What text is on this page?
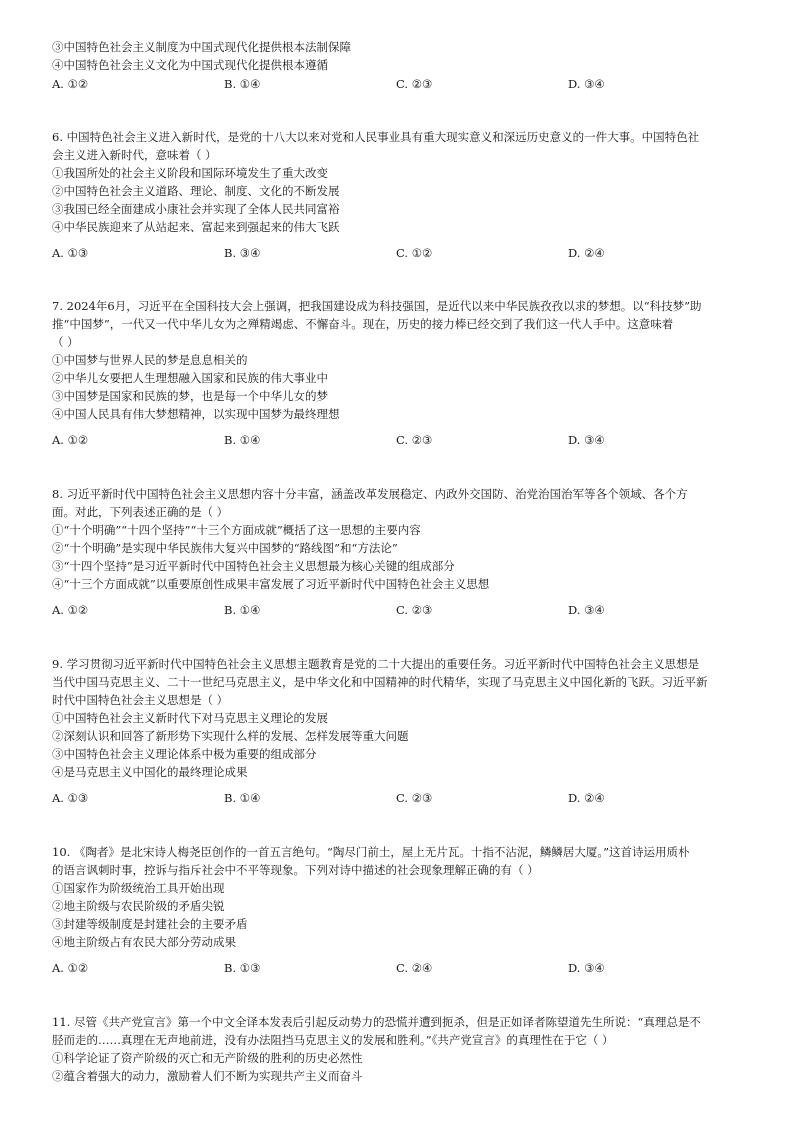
③中国特色社会主义制度为中国式现代化提供根本法制保障
④中国特色社会主义文化为中国式现代化提供根本遵循
A. ①②	B. ①④	C. ②③	D. ③④
6. 中国特色社会主义进入新时代，是党的十八大以来对党和人民事业具有重大现实意义和深远历史意义的一件大事。中国特色社
会主义进入新时代，意味着（ ）
①我国所处的社会主义阶段和国际环境发生了重大改变
②中国特色社会主义道路、理论、制度、文化的不断发展
③我国已经全面建成小康社会并实现了全体人民共同富裕
④中华民族迎来了从站起来、富起来到强起来的伟大飞跃
A. ①③	B. ③④	C. ①②	D. ②④
7. 2024年6月，习近平在全国科技大会上强调，把我国建设成为科技强国，是近代以来中华民族孜孜以求的梦想。以“科技梦”助
推“中国梦”，一代又一代中华儿女为之殚精竭虑、不懈奋斗。现在，历史的接力棒已经交到了我们这一代人手中。这意味着
（ ）
①中国梦与世界人民的梦是息息相关的
②中华儿女要把人生理想融入国家和民族的伟大事业中
③中国梦是国家和民族的梦，也是每一个中华儿女的梦
④中国人民具有伟大梦想精神，以实现中国梦为最终理想
A. ①②	B. ①④	C. ②③	D. ③④
8. 习近平新时代中国特色社会主义思想内容十分丰富，涵盖改革发展稳定、内政外交国防、治党治国治军等各个领域、各个方
面。对此，下列表述正确的是（ ）
①“十个明确”“十四个坚持”“十三个方面成就”概括了这一思想的主要内容
②“十个明确”是实现中华民族伟大复兴中国梦的“路线图”和“方法论”
③“十四个坚持”是习近平新时代中国特色社会主义思想最为核心关键的组成部分
④“十三个方面成就”以重要原创性成果丰富发展了习近平新时代中国特色社会主义思想
A. ①②	B. ①④	C. ②③	D. ③④
9. 学习贯彻习近平新时代中国特色社会主义思想主题教育是党的二十大提出的重要任务。习近平新时代中国特色社会主义思想是
当代中国马克思主义、二十一世纪马克思主义，是中华文化和中国精神的时代精华，实现了马克思主义中国化新的飞跃。习近平新
时代中国特色社会主义思想是（ ）
①中国特色社会主义新时代下对马克思主义理论的发展
②深刻认识和回答了新形势下实现什么样的发展、怎样发展等重大问题
③中国特色社会主义理论体系中极为重要的组成部分
④是马克思主义中国化的最终理论成果
A. ①③	B. ①④	C. ②③	D. ②④
10. 《陶者》是北宋诗人梅尧臣创作的一首五言绝句。“陶尽门前土，屋上无片瓦。十指不沾泥，鳞鳞居大厦。”这首诗运用质朴
的语言讽刺时事，控诉与指斥社会中不平等现象。下列对诗中描述的社会现象理解正确的有（ ）
①国家作为阶级统治工具开始出现
②地主阶级与农民阶级的矛盾尖锐
③封建等级制度是封建社会的主要矛盾
④地主阶级占有农民大部分劳动成果
A. ①②	B. ①③	C. ②④	D. ③④
11. 尽管《共产党宣言》第一个中文全译本发表后引起反动势力的恐慌并遭到扼杀，但是正如译者陈望道先生所说：“真理总是不
胫而走的……真理在无声地前进，没有办法阻挡马克思主义的发展和胜利。”《共产党宣言》的真理性在于它（ ）
①科学论证了资产阶级的灭亡和无产阶级的胜利的历史必然性
②蕴含着强大的动力，激励着人们不断为实现共产主义而奋斗
